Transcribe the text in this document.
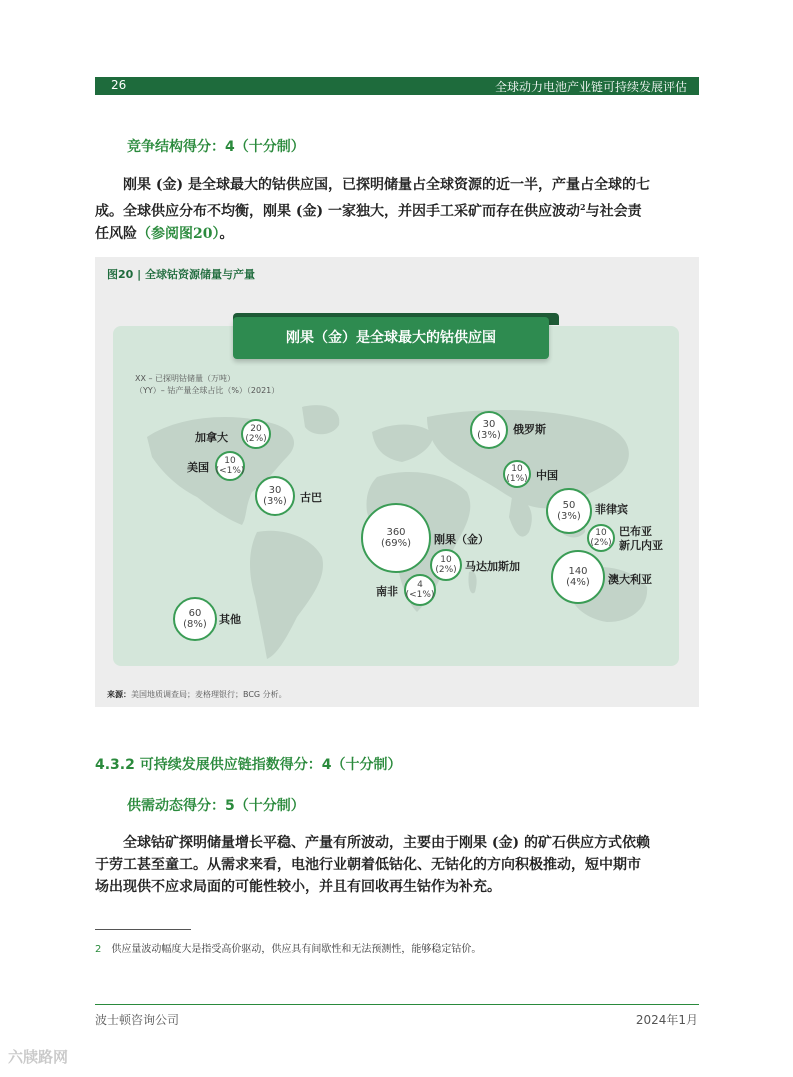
26	全球动力电池产业链可持续发展评估
竞争结构得分：4（十分制）
刚果 (金) 是全球最大的钴供应国，已探明储量占全球资源的近一半，产量占全球的七
成。全球供应分布不均衡，刚果 (金) 一家独大，并因手工采矿而存在供应波动$^2$与社会责
任风险（参阅图20）。
图20 | 全球钴资源储量与产量
刚果（金）是全球最大的钴供应国
XX – 已探明钴储量（万吨）
（YY）– 钴产量全球占比（%）（2021）
20
(2%)
加拿大
10
(<1%)
美国
30
(3%) 古巴
30
(3%) 俄罗斯
10
(1%) 中国
50
(3%)
菲律宾
10
(2%)
巴布亚
新几内亚
360
(69%) 刚果（金）
10
(2%) 马达加斯加
4
(<1%)
南非
140
(4%) 澳大利亚
60
(8%) 其他
来源：美国地质调查局；麦格理银行；BCG 分析。
4.3.2 可持续发展供应链指数得分：4（十分制）
供需动态得分：5（十分制）
全球钴矿探明储量增长平稳、产量有所波动，主要由于刚果 (金) 的矿石供应方式依赖
于劳工甚至童工。从需求来看，电池行业朝着低钴化、无钴化的方向积极推动，短中期市
场出现供不应求局面的可能性较小，并且有回收再生钴作为补充。
2 供应量波动幅度大是指受高价驱动，供应具有间歇性和无法预测性，能够稳定钴价。
波士顿咨询公司	2024年1月
六牍路网
